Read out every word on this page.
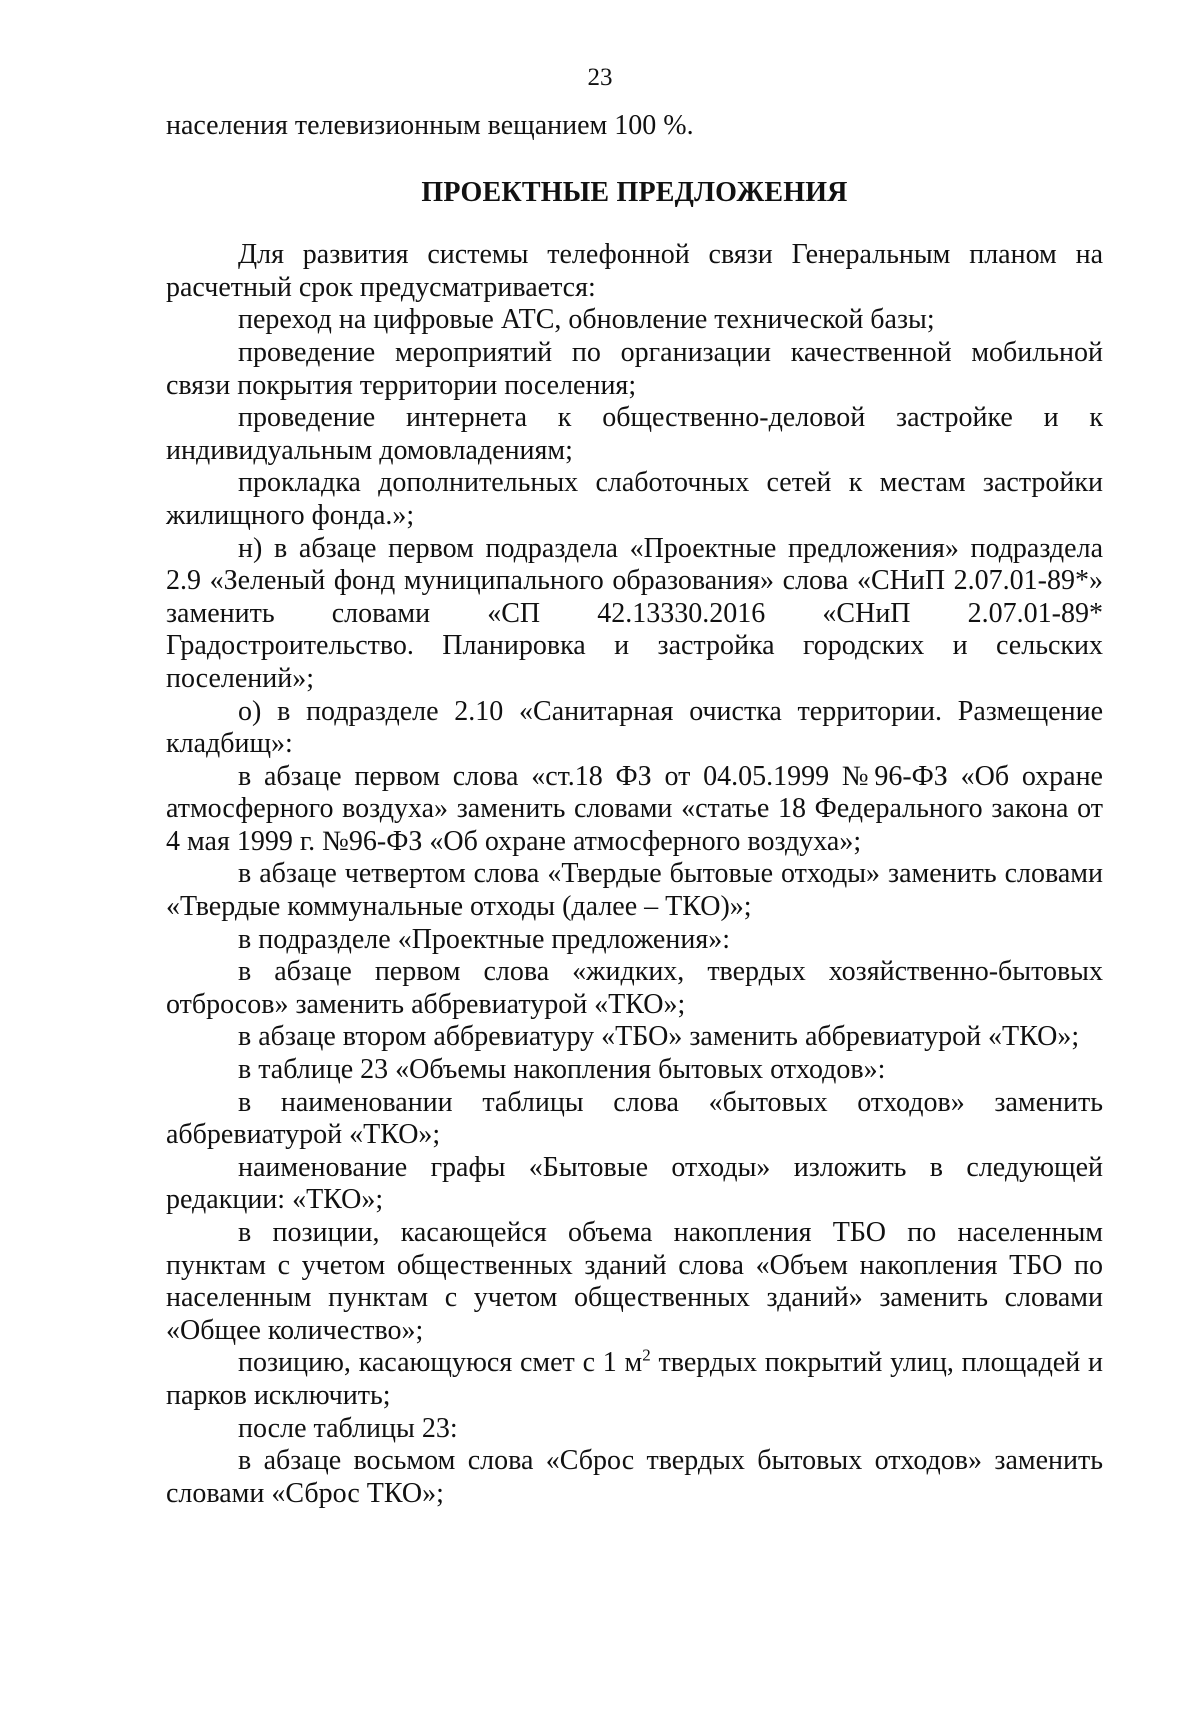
23

населения телевизионным вещанием 100 %.

ПРОЕКТНЫЕ ПРЕДЛОЖЕНИЯ

Для развития системы телефонной связи Генеральным планом на расчетный срок предусматривается:

переход на цифровые АТС, обновление технической базы;

проведение мероприятий по организации качественной мобильной связи покрытия территории поселения;

проведение интернета к общественно-деловой застройке и к индивидуальным домовладениям;

прокладка дополнительных слаботочных сетей к местам застройки жилищного фонда.»;

н) в абзаце первом подраздела «Проектные предложения» подраздела 2.9 «Зеленый фонд муниципального образования» слова «СНиП 2.07.01-89*» заменить словами «СП 42.13330.2016 «СНиП 2.07.01-89* Градостроительство. Планировка и застройка городских и сельских поселений»;

о) в подразделе 2.10 «Санитарная очистка территории. Размещение кладбищ»:

в абзаце первом слова «ст.18 ФЗ от 04.05.1999 №96-ФЗ «Об охране атмосферного воздуха» заменить словами «статье 18 Федерального закона от 4 мая 1999 г. №96-ФЗ «Об охране атмосферного воздуха»;

в абзаце четвертом слова «Твердые бытовые отходы» заменить словами «Твердые коммунальные отходы (далее – ТКО)»;

в подразделе «Проектные предложения»:

в абзаце первом слова «жидких, твердых хозяйственно-бытовых отбросов» заменить аббревиатурой «ТКО»;

в абзаце втором аббревиатуру «ТБО» заменить аббревиатурой «ТКО»;

в таблице 23 «Объемы накопления бытовых отходов»:

в наименовании таблицы слова «бытовых отходов» заменить аббревиатурой «ТКО»;

наименование графы «Бытовые отходы» изложить в следующей редакции: «ТКО»;

в позиции, касающейся объема накопления ТБО по населенным пунктам с учетом общественных зданий слова «Объем накопления ТБО по населенным пунктам с учетом общественных зданий» заменить словами «Общее количество»;

позицию, касающуюся смет с 1 $м^2$ твердых покрытий улиц, площадей и парков исключить;

после таблицы 23:

в абзаце восьмом слова «Сброс твердых бытовых отходов» заменить словами «Сброс ТКО»;
